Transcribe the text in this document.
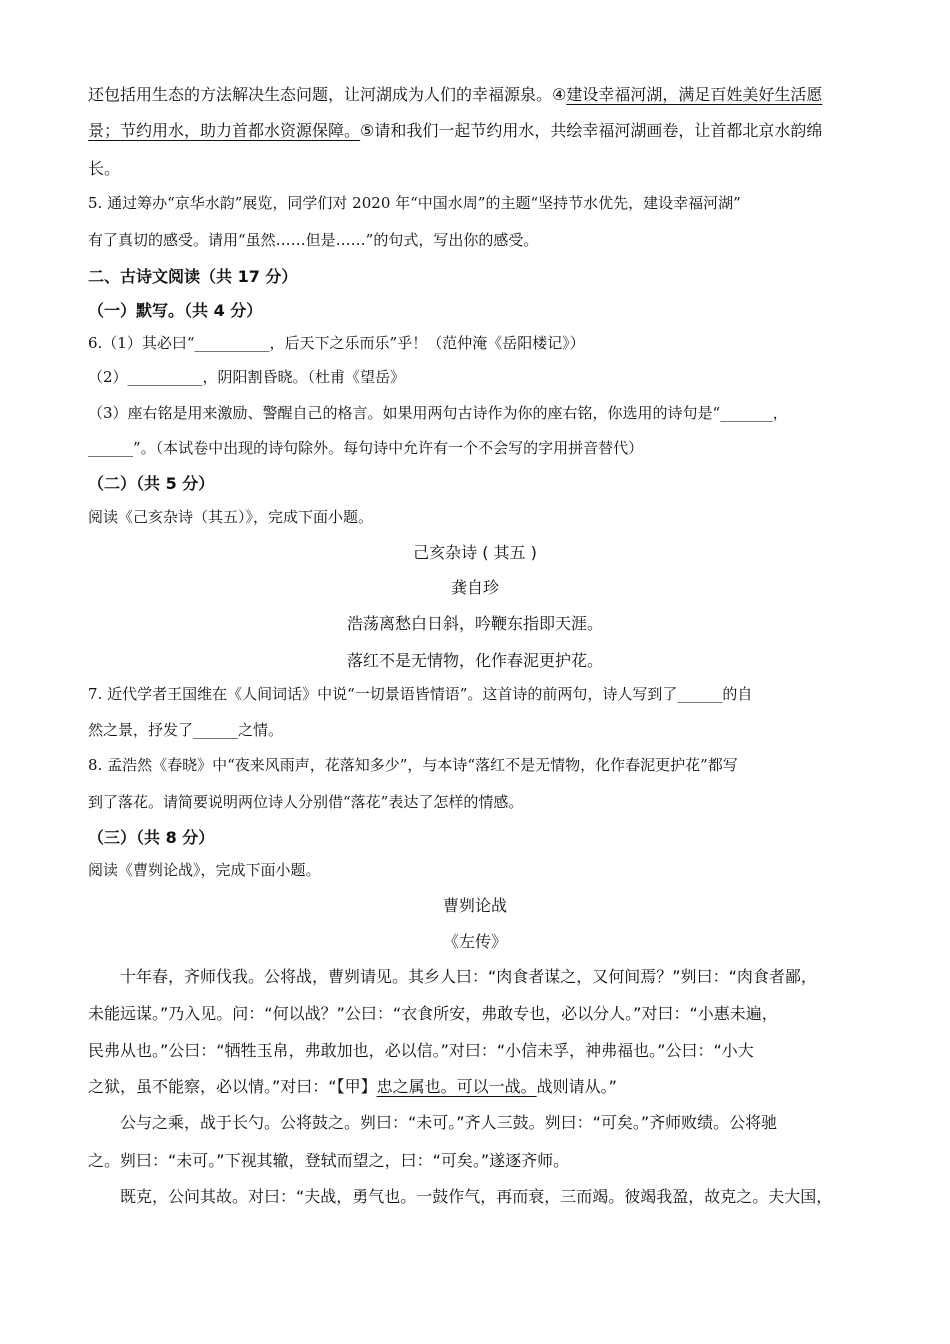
还包括用生态的方法解决生态问题，让河湖成为人们的幸福源泉。④建设幸福河湖，满足百姓美好生活愿
景；节约用水，助力首都水资源保障。⑤请和我们一起节约用水，共绘幸福河湖画卷，让首都北京水韵绵
长。
5. 通过筹办“京华水韵”展览，同学们对 2020 年“中国水周”的主题“坚持节水优先，建设幸福河湖”
有了真切的感受。请用“虽然……但是……”的句式，写出你的感受。
二、古诗文阅读（共 17 分）
（一）默写。（共 4 分）
6.（1）其必曰“__________，后天下之乐而乐”乎！（范仲淹《岳阳楼记》）
（2）__________，阴阳割昏晓。（杜甫《望岳》
（3）座右铭是用来激励、警醒自己的格言。如果用两句古诗作为你的座右铭，你选用的诗句是“_______，
______”。（本试卷中出现的诗句除外。每句诗中允许有一个不会写的字用拼音替代）
（二）（共 5 分）
阅读《己亥杂诗（其五）》，完成下面小题。
己亥杂诗 ( 其五 )
龚自珍
浩荡离愁白日斜，吟鞭东指即天涯。
落红不是无情物，化作春泥更护花。
7. 近代学者王国维在《人间词话》中说“一切景语皆情语”。这首诗的前两句，诗人写到了______的自
然之景，抒发了______之情。
8. 孟浩然《春晓》中“夜来风雨声，花落知多少”，与本诗“落红不是无情物，化作春泥更护花”都写
到了落花。请简要说明两位诗人分别借“落花”表达了怎样的情感。
（三）（共 8 分）
阅读《曹刿论战》，完成下面小题。
曹刿论战
《左传》
十年春，齐师伐我。公将战，曹刿请见。其乡人曰：“肉食者谋之，又何间焉？”刿曰：“肉食者鄙，
未能远谋。”乃入见。问：“何以战？”公曰：“衣食所安，弗敢专也，必以分人。”对曰：“小惠未遍，
民弗从也。”公曰：“牺牲玉帛，弗敢加也，必以信。”对曰：“小信未孚，神弗福也。”公曰：“小大
之狱，虽不能察，必以情。”对曰：“【甲】忠之属也。可以一战。战则请从。”
公与之乘，战于长勺。公将鼓之。刿曰：“未可。”齐人三鼓。刿曰：“可矣。”齐师败绩。公将驰
之。刿曰：“未可。”下视其辙，登轼而望之，曰：“可矣。”遂逐齐师。
既克，公问其故。对曰：“夫战，勇气也。一鼓作气，再而衰，三而竭。彼竭我盈，故克之。夫大国，
